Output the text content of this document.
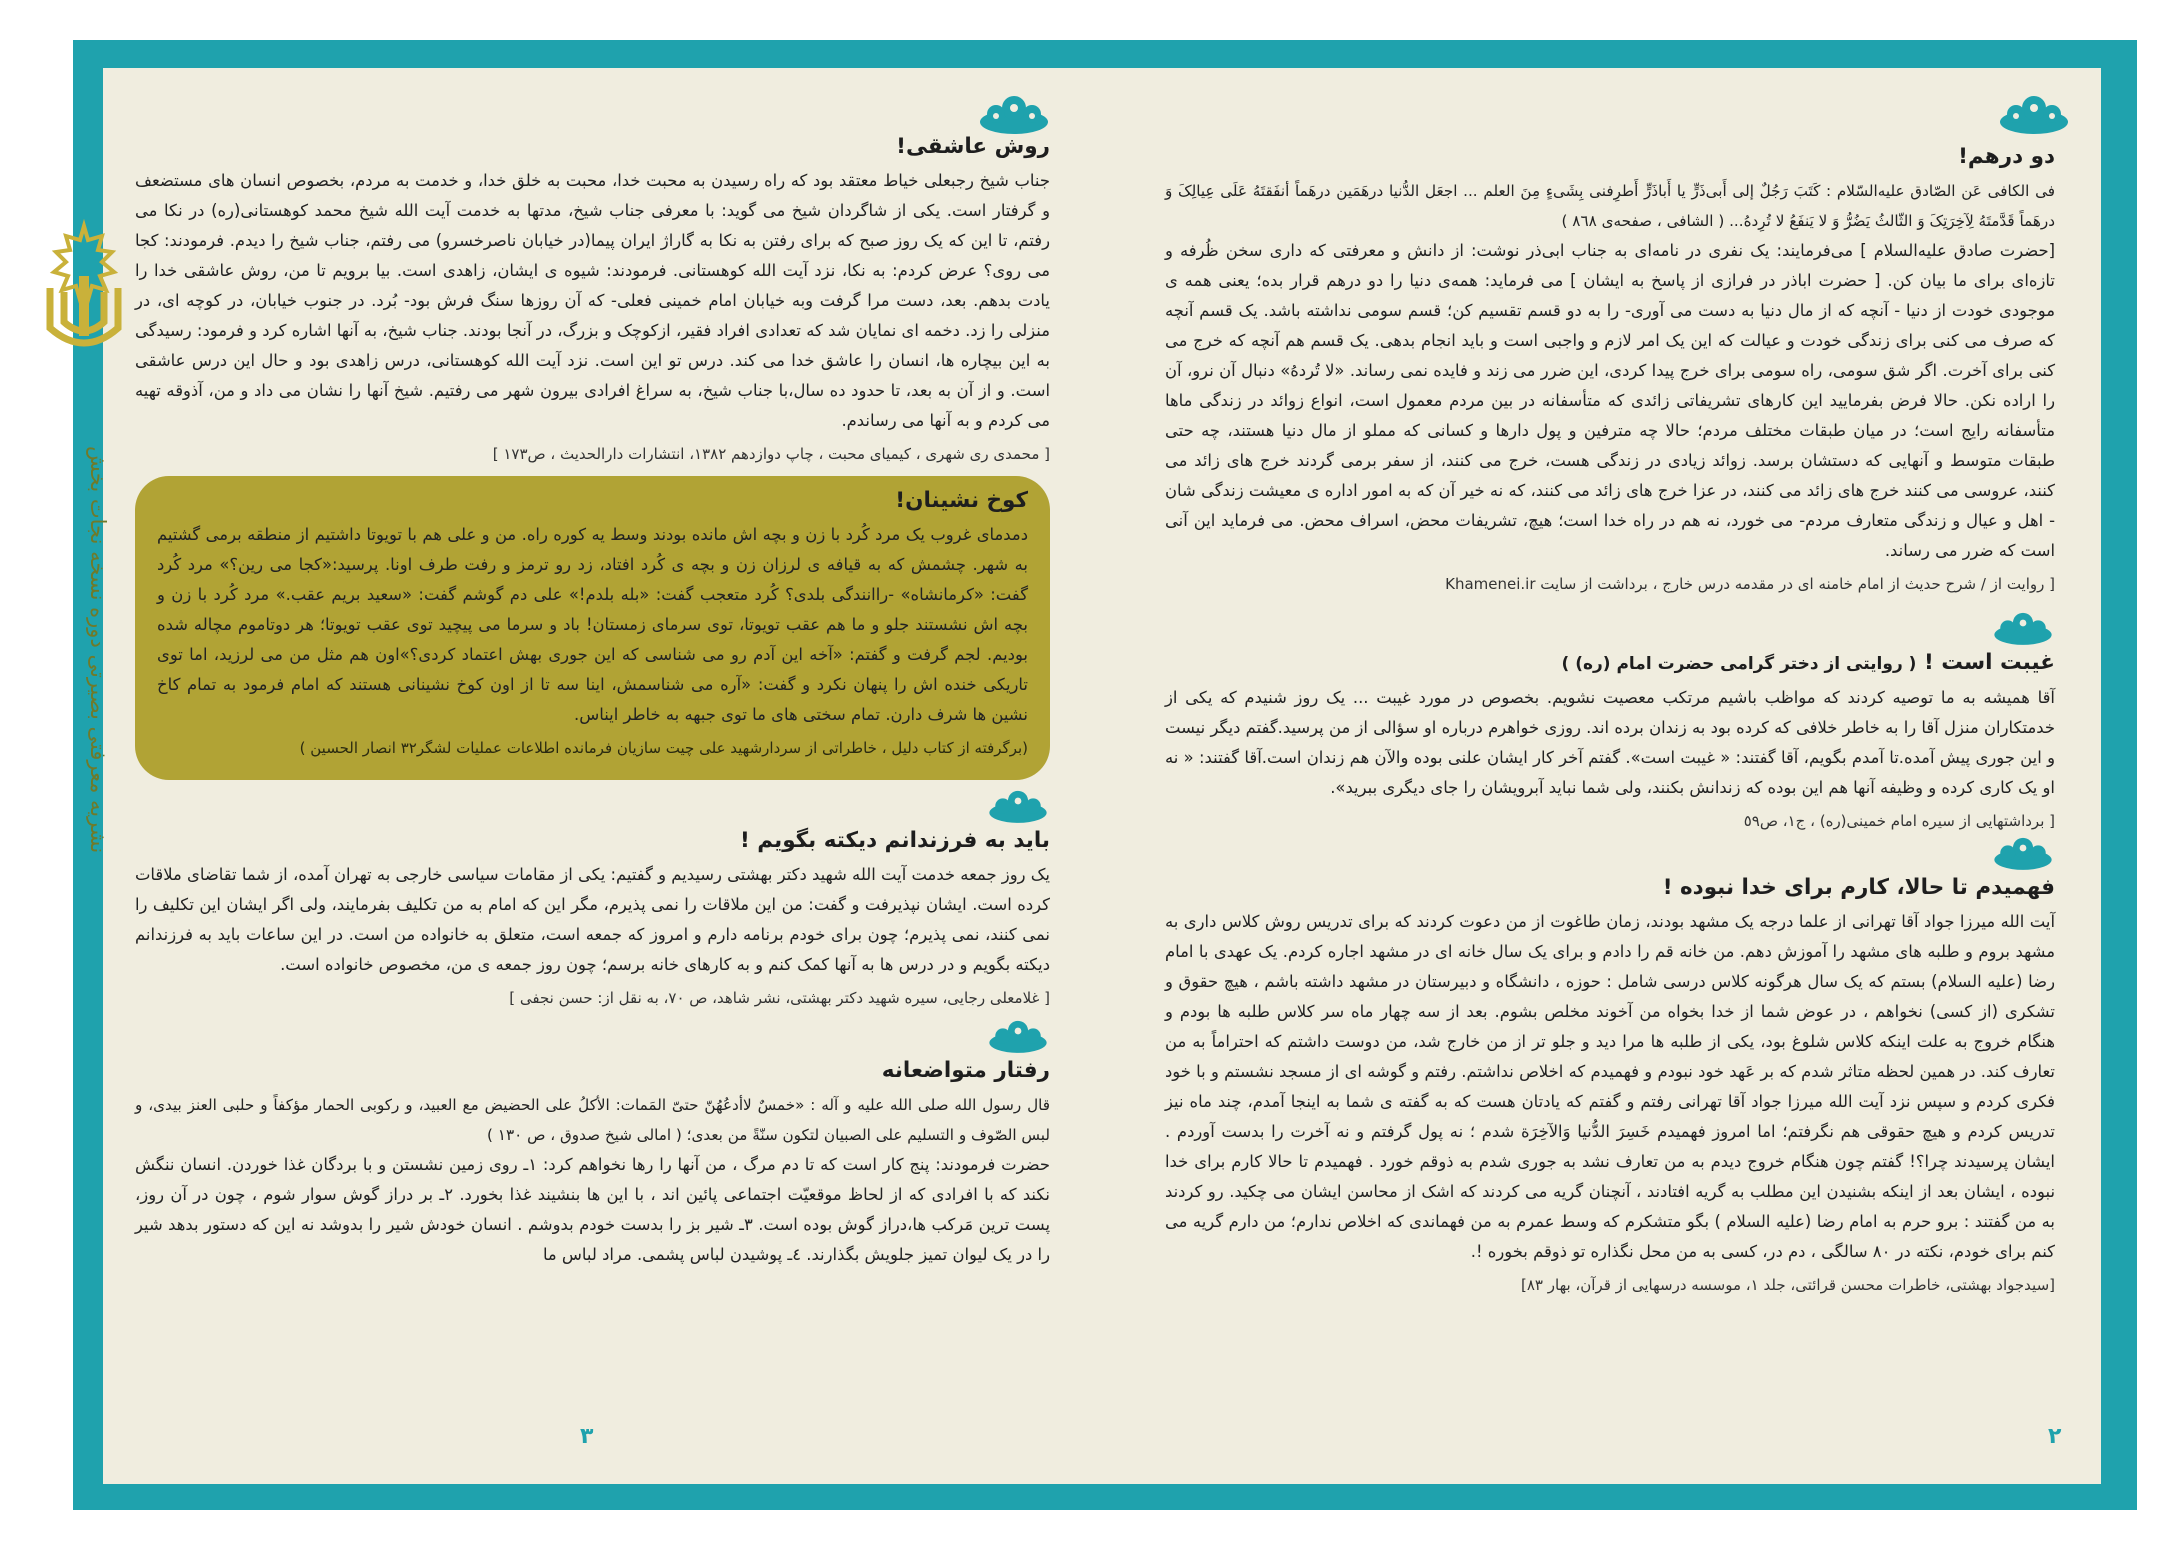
نشریه معرفتی بصیرتی دوره نسخه نجات بخش
دو درهم!

فی الکافی عَن الصّادق علیه‌السّلام : کَتَبَ رَجُلٌ إلی أَبی‌ذَرٍّ یا أَباذَرٍّ أَطرِفنی بِشَیءٍ مِنَ العلم ... اجعَل الدُّنیا درهَمَین درهَماً أنفَقتَهُ عَلَی عِیالِکَ وَ درهَماً قَدَّمتَهُ لِآخِرَتِکَ وَ الثّالثُ یَضُرُّ وَ لا یَنفَعُ لا تُرِدهُ... ( الشافی ، صفحه‌ی ٨٦٨ )

[حضرت صادق علیه‌السلام ] می‌فرمایند: یک نفری در نامه‌ای به جناب ابی‌ذر نوشت: از دانش و معرفتی که داری سخن ظُرفه و تازه‌ای برای ما بیان کن. [ حضرت اباذر در فرازی از پاسخ به ایشان ] می فرماید: همه‌ی دنیا را دو درهم قرار بده؛ یعنی همه ی موجودی خودت از دنیا - آنچه که از مال دنیا به دست می آوری- را به دو قسم تقسیم کن؛ قسم سومی نداشته باشد. یک قسم آنچه که صرف می کنی برای زندگی خودت و عیالت که این یک امر لازم و واجبی است و باید انجام بدهی. یک قسم هم آنچه که خرج می کنی برای آخرت. اگر شق سومی، راه سومی برای خرج پیدا کردی، این ضرر می زند و فایده نمی رساند. «لا تُردهُ» دنبال آن نرو، آن را اراده نکن. حالا فرض بفرمایید این کارهای تشریفاتی زائدی که متأسفانه در بین مردم معمول است، انواع زوائد در زندگی ماها متأسفانه رایج است؛ در میان طبقات مختلف مردم؛ حالا چه مترفین و پول دارها و کسانی که مملو از مال دنیا هستند، چه حتی طبقات متوسط و آنهایی که دستشان برسد. زوائد زیادی در زندگی هست، خرج می کنند، از سفر برمی گردند خرج های زائد می کنند، عروسی می کنند خرج های زائد می کنند، در عزا خرج های زائد می کنند، که نه خیر آن که به امور اداره ی معیشت زندگی شان - اهل و عیال و زندگی متعارف مردم- می خورد، نه هم در راه خدا است؛ هیچ، تشریفات محض، اسراف محض. می فرماید این آنی است که ضرر می رساند.

[ روایت از / شرح حدیث از امام خامنه ای در مقدمه درس خارج ، برداشت از سایت Khamenei.ir

غیبت است ! ( روایتی از دختر گرامی حضرت امام (ره) )

آقا همیشه به ما توصیه کردند که مواظب باشیم مرتکب معصیت نشویم. بخصوص در مورد غیبت ... یک روز شنیدم که یکی از خدمتکاران منزل آقا را به خاطر خلافی که کرده بود به زندان برده اند. روزی خواهرم درباره او سؤالی از من پرسید.گفتم دیگر نیست و این جوری پیش آمده.تا آمدم بگویم، آقا گفتند: « غیبت است». گفتم آخر کار ایشان علنی بوده والآن هم زندان است.آقا گفتند: « نه او یک کاری کرده و وظیفه آنها هم این بوده که زندانش بکنند، ولی شما نباید آبرویشان را جای دیگری ببرید».

[ برداشتهایی از سیره امام خمینی(ره) ، ج١، ص٥٩

فهمیدم تا حالا، کارم برای خدا نبوده !

آیت الله میرزا جواد آقا تهرانی از علما درجه یک مشهد بودند، زمان طاغوت از من دعوت کردند که برای تدریس روش کلاس داری به مشهد بروم و طلبه های مشهد را آموزش دهم. من خانه قم را دادم و برای یک سال خانه ای در مشهد اجاره کردم. یک عهدی با امام رضا (علیه السلام) بستم که یک سال هرگونه کلاس درسی شامل : حوزه ، دانشگاه و دبیرستان در مشهد داشته باشم ، هیچ حقوق و تشکری (از کسی) نخواهم ، در عوض شما از خدا بخواه من آخوند مخلص بشوم. بعد از سه چهار ماه سر کلاس طلبه ها بودم و هنگام خروج به علت اینکه کلاس شلوغ بود، یکی از طلبه ها مرا دید و جلو تر از من خارج شد، من دوست داشتم که احتراماً به من تعارف کند. در همین لحظه متاثر شدم که بر عَهد خود نبودم و فهمیدم که اخلاص نداشتم. رفتم و گوشه ای از مسجد نشستم و با خود فکری کردم و سپس نزد آیت الله میرزا جواد آقا تهرانی رفتم و گفتم که یادتان هست که به گفته ی شما به اینجا آمدم، چند ماه نیز تدریس کردم و هیچ حقوقی هم نگرفتم؛ اما امروز فهمیدم خَسِرَ الدُّنیا وَالآخِرَة شدم ؛ نه پول گرفتم و نه آخرت را بدست آوردم . ایشان پرسیدند چرا؟! گفتم چون هنگام خروج دیدم به من تعارف نشد به جوری شدم به ذوقم خورد . فهمیدم تا حالا کارم برای خدا نبوده ، ایشان بعد از اینکه بشنیدن این مطلب به گریه افتادند ، آنچنان گریه می کردند که اشک از محاسن ایشان می چکید. رو کردند به من گفتند : برو حرم به امام رضا (علیه السلام ) بگو متشکرم که وسط عمرم به من فهماندی که اخلاص ندارم؛ من دارم گریه می کنم برای خودم، نکته در ٨٠ سالگی ، دم در، کسی به من محل نگذاره تو ذوقم بخوره !.

[سیدجواد بهشتی، خاطرات محسن قرائتی، جلد ١، موسسه درسهایی از قرآن، بهار ٨٣]

روش عاشقی!

جناب شیخ رجبعلی خیاط معتقد بود که راه رسیدن به محبت خدا، محبت به خلق خدا، و خدمت به مردم، بخصوص انسان های مستضعف و گرفتار است. یکی از شاگردان شیخ می گوید: با معرفی جناب شیخ، مدتها به خدمت آیت الله شیخ محمد کوهستانی(ره) در نکا می رفتم، تا این که یک روز صبح که برای رفتن به نکا به گاراژ ایران پیما(در خیابان ناصرخسرو) می رفتم، جناب شیخ را دیدم. فرمودند: کجا می روی؟ عرض کردم: به نکا، نزد آیت الله کوهستانی. فرمودند: شیوه ی ایشان، زاهدی است. بیا برویم تا من، روش عاشقی خدا را یادت بدهم. بعد، دست مرا گرفت وبه خیابان امام خمینی فعلی- که آن روزها سنگ فرش بود- بُرد. در جنوب خیابان، در کوچه ای، در منزلی را زد. دخمه ای نمایان شد که تعدادی افراد فقیر، ازکوچک و بزرگ، در آنجا بودند. جناب شیخ، به آنها اشاره کرد و فرمود: رسیدگی به این بیچاره ها، انسان را عاشق خدا می کند. درس تو این است. نزد آیت الله کوهستانی، درس زاهدی بود و حال این درس عاشقی است. و از آن به بعد، تا حدود ده سال،با جناب شیخ، به سراغ افرادی بیرون شهر می رفتیم. شیخ آنها را نشان می داد و من، آذوقه تهیه می کردم و به آنها می رساندم.

[ محمدی ری شهری ، کیمیای محبت ، چاپ دوازدهم ١٣٨٢، انتشارات دارالحدیث ، ص١٧٣ ]

کوخ نشینان!

دمدمای غروب یک مرد کُرد با زن و بچه اش مانده بودند وسط یه کوره راه. من و علی هم با تویوتا داشتیم از منطقه برمی گشتیم به شهر. چشمش که به قیافه ی لرزان زن و بچه ی کُرد افتاد، زد رو ترمز و رفت طرف اونا. پرسید:«کجا می رین؟» مرد کُرد گفت: «کرمانشاه» -راانندگی بلدی؟ کُرد متعجب گفت: «بله بلدم!» علی دم گوشم گفت: «سعید بریم عقب.» مرد کُرد با زن و بچه اش نشستند جلو و ما هم عقب تویوتا، توی سرمای زمستان! باد و سرما می پیچید توی عقب تویوتا؛ هر دوتاموم مچاله شده بودیم. لجم گرفت و گفتم: «آخه این آدم رو می شناسی که این جوری بهش اعتماد کردی؟»اون هم مثل من می لرزید، اما توی تاریکی خنده اش را پنهان نکرد و گفت: «آره می شناسمش، اینا سه تا از اون کوخ نشینانی هستند که امام فرمود به تمام کاخ نشین ها شرف دارن. تمام سختی های ما توی جبهه به خاطر ایناس.

(برگرفته از کتاب دلیل ، خاطراتی از سردارشهید علی چیت سازیان فرمانده اطلاعات عملیات لشگر٣٢ انصار الحسین )

باید به فرزندانم دیکته بگویم !

یک روز جمعه خدمت آیت الله شهید دکتر بهشتی رسیدیم و گفتیم: یکی از مقامات سیاسی خارجی به تهران آمده، از شما تقاضای ملاقات کرده است. ایشان نپذیرفت و گفت: من این ملاقات را نمی پذیرم، مگر این که امام به من تکلیف بفرمایند، ولی اگر ایشان این تکلیف را نمی کنند، نمی پذیرم؛ چون برای خودم برنامه دارم و امروز که جمعه است، متعلق به خانواده من است. در این ساعات باید به فرزندانم دیکته بگویم و در درس ها به آنها کمک کنم و به کارهای خانه برسم؛ چون روز جمعه ی من، مخصوص خانواده است.

[ غلامعلی رجایی، سیره شهید دکتر بهشتی، نشر شاهد، ص ٧٠، به نقل از: حسن نجفی ]

رفتار متواضعانه

قال رسول الله صلی الله علیه و آله : «خمسٌ لاأدعُهُنّ حتیّ المَمات: الأکلُ علی الحضیض مع العبید، و رکوبی الحمار مؤکفاً و حلبی العنز بیدی، و لبس الصّوف و التسلیم علی الصبیان لتکون سنّةً من بعدی؛ ( امالی شیخ صدوق ، ص ١٣٠ )

حضرت فرمودند: پنج کار است که تا دم مرگ ، من آنها را رها نخواهم کرد: ١ـ روی زمین نشستن و با بردگان غذا خوردن. انسان ننگش نکند که با افرادی که از لحاظ موقعیّت اجتماعی پائین اند ، با این ها بنشیند غذا بخورد. ٢ـ بر دراز گوش سوار شوم ، چون در آن روز، پست ترین مَرکب ها،دراز گوش بوده است. ٣ـ شیر بز را بدست خودم بدوشم . انسان خودش شیر را بدوشد نه این که دستور بدهد شیر را در یک لیوان تمیز جلویش بگذارند. ٤ـ پوشیدن لباس پشمی. مراد لباس ما

٢
٣
